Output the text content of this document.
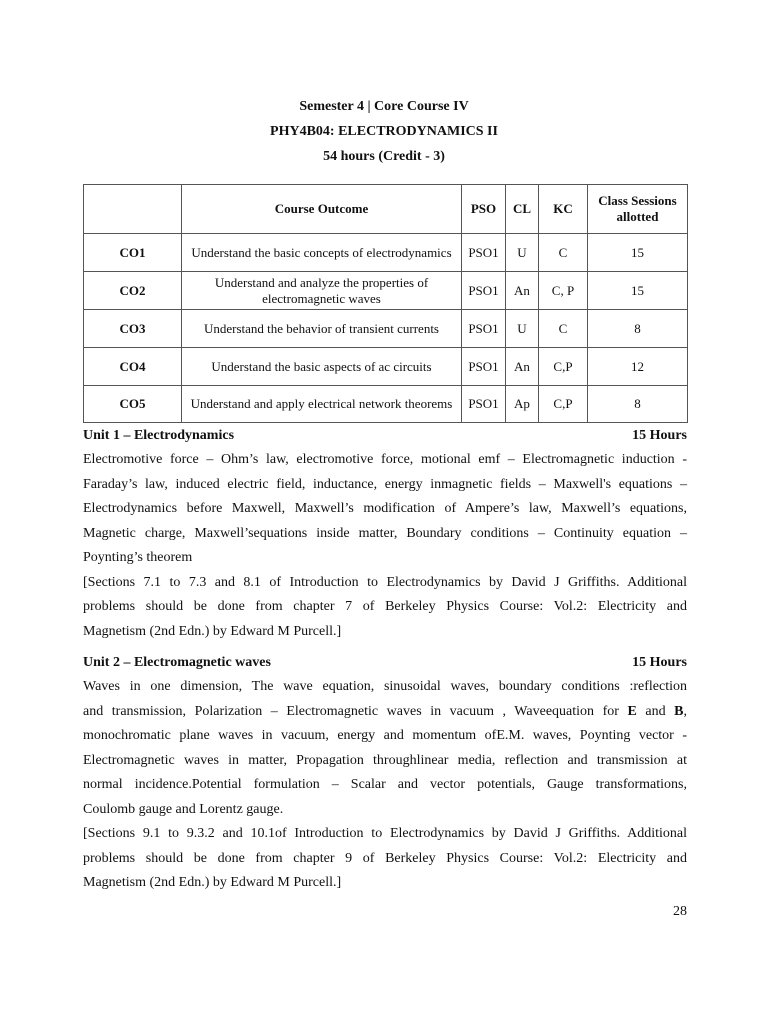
Semester 4 | Core Course IV
PHY4B04: ELECTRODYNAMICS II
54 hours (Credit - 3)
	Course Outcome	PSO	CL	KC	Class Sessions allotted
CO1	Understand the basic concepts of electrodynamics	PSO1	U	C	15
CO2	Understand and analyze the properties of electromagnetic waves	PSO1	An	C, P	15
CO3	Understand the behavior of transient currents	PSO1	U	C	8
CO4	Understand the basic aspects of ac circuits	PSO1	An	C,P	12
CO5	Understand and apply electrical network theorems	PSO1	Ap	C,P	8
Unit 1 – Electrodynamics	15 Hours
Electromotive force – Ohm’s law, electromotive force, motional emf – Electromagnetic induction -
Faraday’s law, induced electric field, inductance, energy inmagnetic fields – Maxwell's equations –
Electrodynamics before Maxwell, Maxwell’s modification of Ampere’s law, Maxwell’s equations,
Magnetic charge, Maxwell’sequations inside matter, Boundary conditions – Continuity equation –
Poynting’s theorem
[Sections 7.1 to 7.3 and 8.1 of Introduction to Electrodynamics by David J Griffiths. Additional
problems should be done from chapter 7 of Berkeley Physics Course: Vol.2: Electricity and
Magnetism (2nd Edn.) by Edward M Purcell.]
Unit 2 – Electromagnetic waves	15 Hours
Waves in one dimension, The wave equation, sinusoidal waves, boundary conditions :reflection
and transmission, Polarization – Electromagnetic waves in vacuum , Waveequation for E and B,
monochromatic plane waves in vacuum, energy and momentum ofE.M. waves, Poynting vector -
Electromagnetic waves in matter, Propagation throughlinear media, reflection and transmission at
normal incidence.Potential formulation – Scalar and vector potentials, Gauge transformations,
Coulomb gauge and Lorentz gauge.
[Sections 9.1 to 9.3.2 and 10.1of Introduction to Electrodynamics by David J Griffiths. Additional
problems should be done from chapter 9 of Berkeley Physics Course: Vol.2: Electricity and
Magnetism (2nd Edn.) by Edward M Purcell.]
28
